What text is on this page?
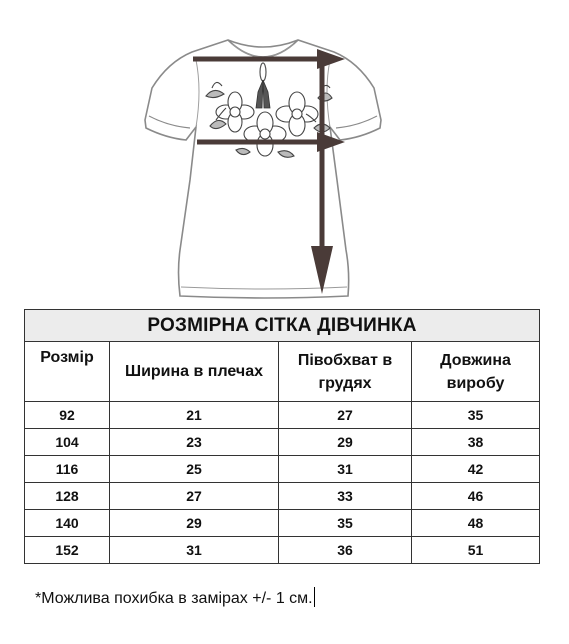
РОЗМІРНА СІТКА ДІВЧИНКА			
Розмір	Ширина в плечах	Півобхват в грудях	Довжина виробу
92	21	27	35
104	23	29	38
116	25	31	42
128	27	33	46
140	29	35	48
152	31	36	51
*Можлива похибка в замірах +/- 1 см.
